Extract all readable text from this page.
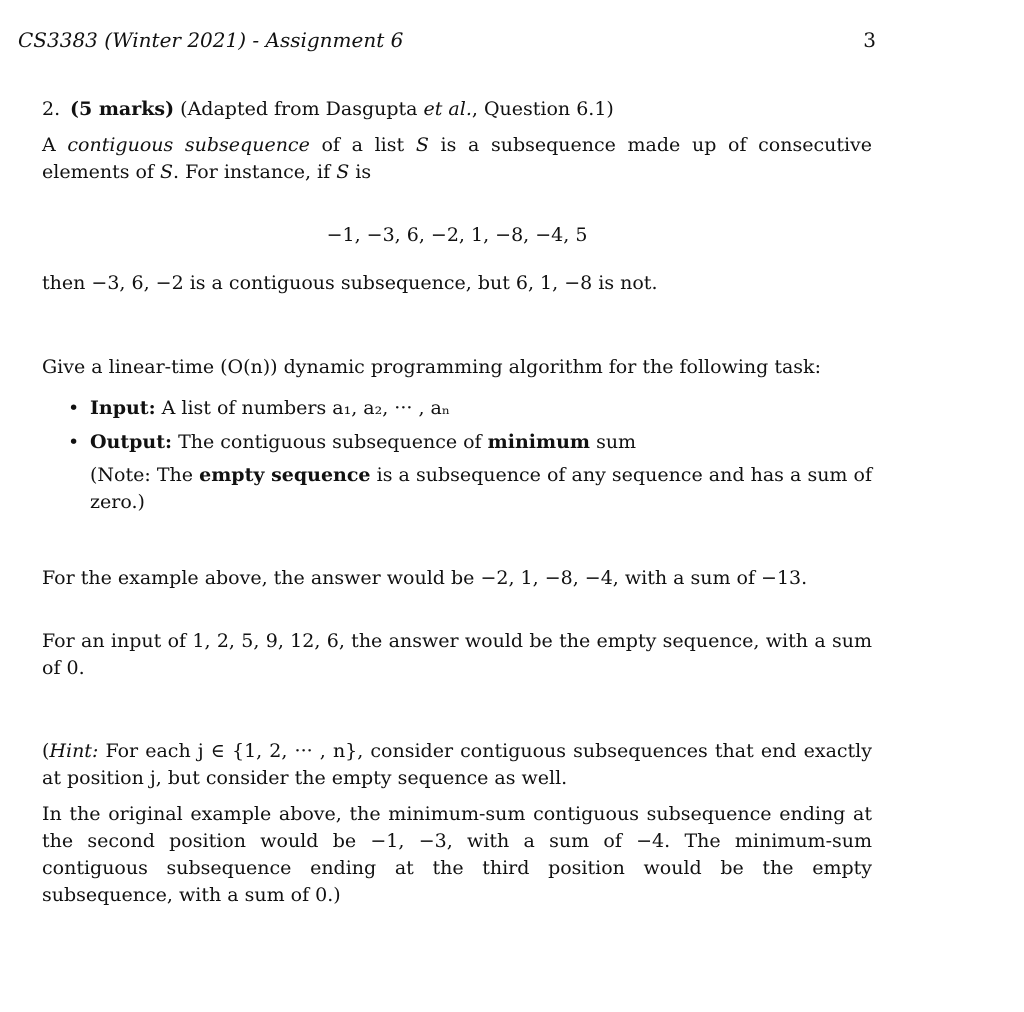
CS3383 (Winter 2021) - Assignment 6	3
2. (5 marks) (Adapted from Dasgupta et al., Question 6.1)

A contiguous subsequence of a list S is a subsequence made up of consecutive elements of S. For instance, if S is

−1, −3, 6, −2, 1, −8, −4, 5

then −3, 6, −2 is a contiguous subsequence, but 6, 1, −8 is not.

Give a linear-time (O(n)) dynamic programming algorithm for the following task:

• Input: A list of numbers a₁, a₂, ··· , aₙ
• Output: The contiguous subsequence of minimum sum
(Note: The empty sequence is a subsequence of any sequence and has a sum of zero.)

For the example above, the answer would be −2, 1, −8, −4, with a sum of −13.

For an input of 1, 2, 5, 9, 12, 6, the answer would be the empty sequence, with a sum of 0.

(Hint: For each j ∈ {1, 2, ··· , n}, consider contiguous subsequences that end exactly at position j, but consider the empty sequence as well.

In the original example above, the minimum-sum contiguous subsequence ending at the second position would be −1, −3, with a sum of −4. The minimum-sum contiguous subsequence ending at the third position would be the empty subsequence, with a sum of 0.)
